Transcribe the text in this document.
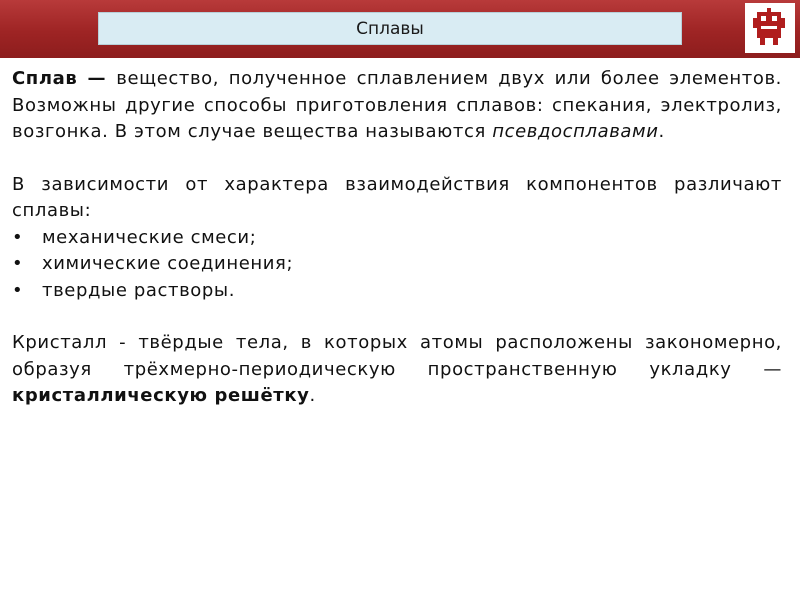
Сплавы

Сплав — вещество, полученное сплавлением двух или более элементов. Возможны другие способы приготовления сплавов: спекания, электролиз, возгонка. В этом случае вещества называются псевдосплавами.

В зависимости от характера взаимодействия компонентов различают сплавы:

• механические смеси;
• химические соединения;
• твердые растворы.

Кристалл - твёрдые тела, в которых атомы расположены закономерно, образуя трёхмерно-периодическую пространственную укладку — кристаллическую решётку.
